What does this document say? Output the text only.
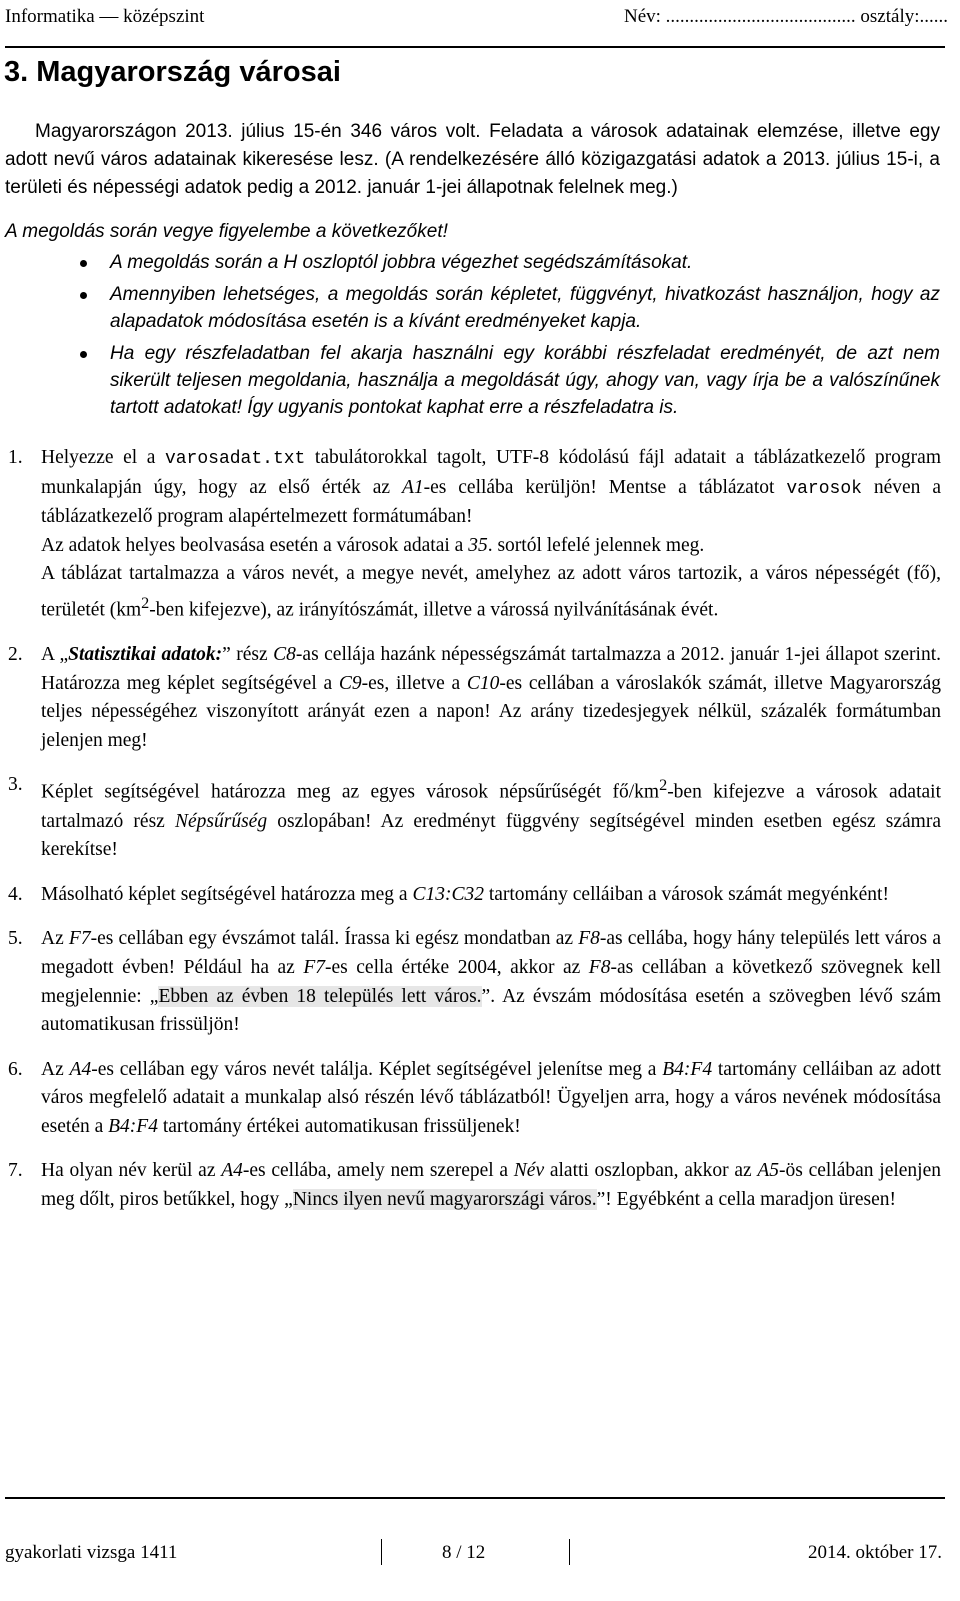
Informatika — középszint	Név: ........................................ osztály:......
3. Magyarország városai
Magyarországon 2013. július 15-én 346 város volt. Feladata a városok adatainak elemzése, illetve egy adott nevű város adatainak kikeresése lesz. (A rendelkezésére álló közigazgatási adatok a 2013. július 15-i, a területi és népességi adatok pedig a 2012. január 1-jei állapotnak felelnek meg.)
A megoldás során vegye figyelembe a következőket!
A megoldás során a H oszloptól jobbra végezhet segédszámításokat.
Amennyiben lehetséges, a megoldás során képletet, függvényt, hivatkozást használjon, hogy az alapadatok módosítása esetén is a kívánt eredményeket kapja.
Ha egy részfeladatban fel akarja használni egy korábbi részfeladat eredményét, de azt nem sikerült teljesen megoldania, használja a megoldását úgy, ahogy van, vagy írja be a valószínűnek tartott adatokat! Így ugyanis pontokat kaphat erre a részfeladatra is.
1. Helyezze el a varosadat.txt tabulátorokkal tagolt, UTF-8 kódolású fájl adatait a táblázatkezelő program munkalapján úgy, hogy az első érték az A1-es cellába kerüljön! Mentse a táblázatot varosok néven a táblázatkezelő program alapértelmezett formátumában!
Az adatok helyes beolvasása esetén a városok adatai a 35. sortól lefelé jelennek meg.
A táblázat tartalmazza a város nevét, a megye nevét, amelyhez az adott város tartozik, a város népességét (fő), területét ($km^2$-ben kifejezve), az irányítószámát, illetve a várossá nyilvánításának évét.
2. A „Statisztikai adatok:” rész C8-as cellája hazánk népességszámát tartalmazza a 2012. január 1-jei állapot szerint. Határozza meg képlet segítségével a C9-es, illetve a C10-es cellában a városlakók számát, illetve Magyarország teljes népességéhez viszonyított arányát ezen a napon! Az arány tizedesjegyek nélkül, százalék formátumban jelenjen meg!
3. Képlet segítségével határozza meg az egyes városok népsűrűségét $fő/km^2$-ben kifejezve a városok adatait tartalmazó rész Népsűrűség oszlopában! Az eredményt függvény segítségével minden esetben egész számra kerekítse!
4. Másolható képlet segítségével határozza meg a C13:C32 tartomány celláiban a városok számát megyénként!
5. Az F7-es cellában egy évszámot talál. Írassa ki egész mondatban az F8-as cellába, hogy hány település lett város a megadott évben! Például ha az F7-es cella értéke 2004, akkor az F8-as cellában a következő szövegnek kell megjelennie: „Ebben az évben 18 település lett város.”. Az évszám módosítása esetén a szövegben lévő szám automatikusan frissüljön!
6. Az A4-es cellában egy város nevét találja. Képlet segítségével jelenítse meg a B4:F4 tartomány celláiban az adott város megfelelő adatait a munkalap alsó részén lévő táblázatból! Ügyeljen arra, hogy a város nevének módosítása esetén a B4:F4 tartomány értékei automatikusan frissüljenek!
7. Ha olyan név kerül az A4-es cellába, amely nem szerepel a Név alatti oszlopban, akkor az A5-ös cellában jelenjen meg dőlt, piros betűkkel, hogy „Nincs ilyen nevű magyarországi város.”! Egyébként a cella maradjon üresen!
gyakorlati vizsga 1411	8 / 12	2014. október 17.
